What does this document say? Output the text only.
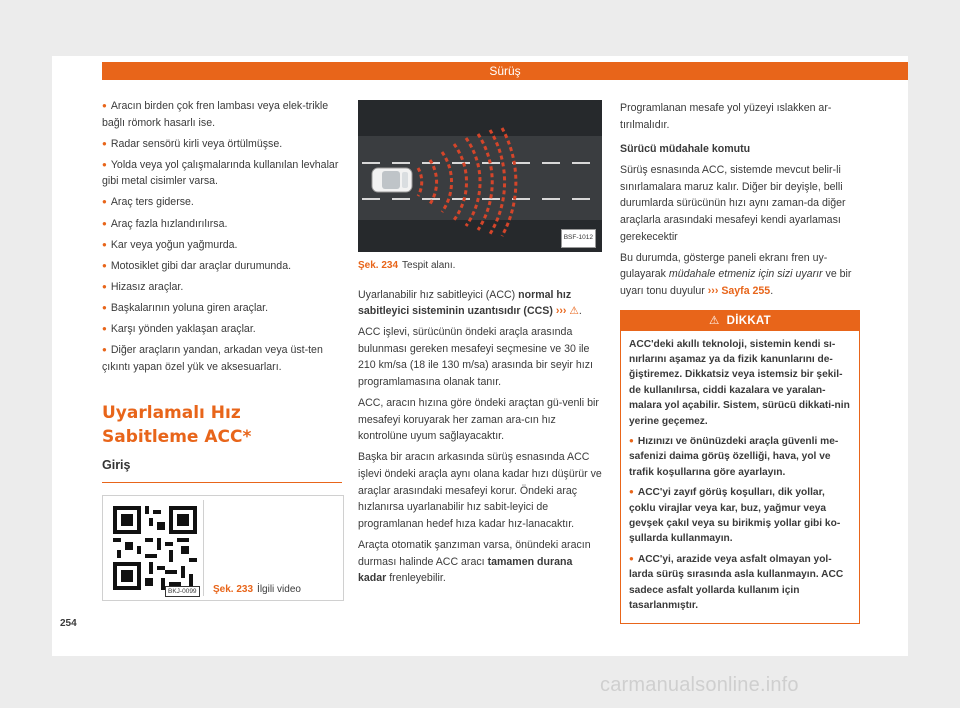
Sürüş

● Aracın birden çok fren lambası veya elek-trikle bağlı römork hasarlı ise.

● Radar sensörü kirli veya örtülmüşse.

● Yolda veya yol çalışmalarında kullanılan levhalar gibi metal cisimler varsa.

● Araç ters giderse.

● Araç fazla hızlandırılırsa.

● Kar veya yoğun yağmurda.

● Motosiklet gibi dar araçlar durumunda.

● Hizasız araçlar.

● Başkalarının yoluna giren araçlar.

● Karşı yönden yaklaşan araçlar.

● Diğer araçların yandan, arkadan veya üst-ten çıkıntı yapan özel yük ve aksesuarları.

Uyarlamalı Hız Sabitleme ACC*
Giriş
BKJ-0099	Şek. 233 İlgili video
BSF-1012
Şek. 234 Tespit alanı.

Uyarlanabilir hız sabitleyici (ACC) normal hız sabitleyici sisteminin uzantısıdır (CCS) ››› ⚠.

ACC işlevi, sürücünün öndeki araçla arasında bulunması gereken mesafeyi seçmesine ve 30 ile 210 km/sa (18 ile 130 m/sa) arasında bir seyir hızı programlamasına olanak tanır.

ACC, aracın hızına göre öndeki araçtan gü-venli bir mesafeyi koruyarak her zaman ara-cın hız kontrolüne uyum sağlayacaktır.

Başka bir aracın arkasında sürüş esnasında ACC işlevi öndeki araçla aynı olana kadar hızı düşürür ve araçlar arasındaki mesafeyi korur. Öndeki araç hızlanırsa uyarlanabilir hız sabit-leyici de programlanan hedef hıza kadar hız-lanacaktır.

Araçta otomatik şanzıman varsa, önündeki aracın durması halinde ACC aracı tamamen durana kadar frenleyebilir.

Programlanan mesafe yol yüzeyi ıslakken ar-tırılmalıdır.

Sürücü müdahale komutu

Sürüş esnasında ACC, sistemde mevcut belir-li sınırlamalara maruz kalır. Diğer bir deyişle, belli durumlarda sürücünün hızı aynı zaman-da diğer araçlarla arasındaki mesafeyi kendi ayarlaması gerekecektir

Bu durumda, gösterge paneli ekranı fren uy-gulayarak müdahale etmeniz için sizi uyarır ve bir uyarı tonu duyulur ››› Sayfa 255.

⚠ DİKKAT

ACC'deki akıllı teknoloji, sistemin kendi sı-nırlarını aşamaz ya da fizik kanunlarını de-ğiştiremez. Dikkatsiz veya istemsiz bir şekil-de kullanılırsa, ciddi kazalara ve yaralan-malara yol açabilir. Sistem, sürücü dikkati-nin yerine geçemez.

● Hızınızı ve önünüzdeki araçla güvenli me-safenizi daima görüş özelliği, hava, yol ve trafik koşullarına göre ayarlayın.

● ACC'yi zayıf görüş koşulları, dik yollar, çoklu virajlar veya kar, buz, yağmur veya gevşek çakıl veya su birikmiş yollar gibi ko-şullarda kullanmayın.

● ACC'yi, arazide veya asfalt olmayan yol-larda sürüş sırasında asla kullanmayın. ACC sadece asfalt yollarda kullanım için tasarlanmıştır.

254
carmanualsonline.info
